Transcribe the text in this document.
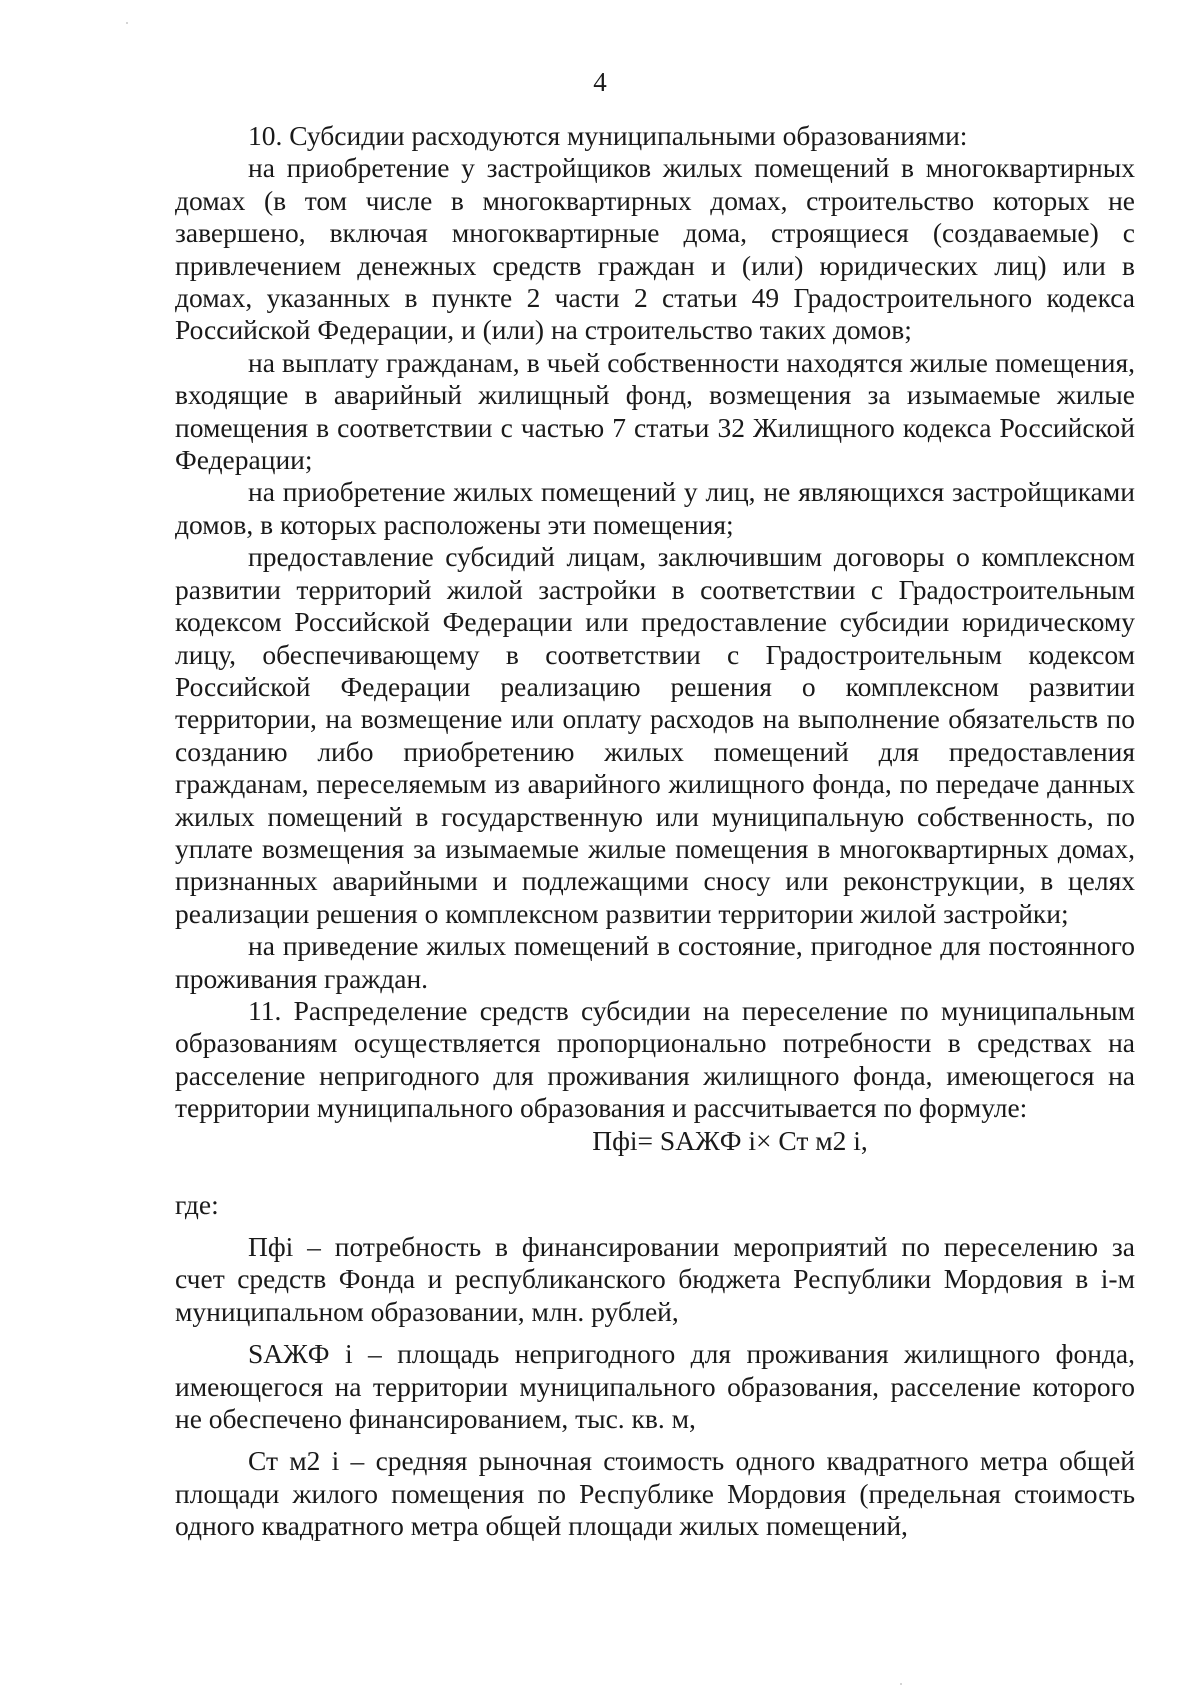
4

10. Субсидии расходуются муниципальными образованиями:

на приобретение у застройщиков жилых помещений в многоквартирных домах (в том числе в многоквартирных домах, строительство которых не завершено, включая многоквартирные дома, строящиеся (создаваемые) с привлечением денежных средств граждан и (или) юридических лиц) или в домах, указанных в пункте 2 части 2 статьи 49 Градостроительного кодекса Российской Федерации, и (или) на строительство таких домов;

на выплату гражданам, в чьей собственности находятся жилые помещения, входящие в аварийный жилищный фонд, возмещения за изымаемые жилые помещения в соответствии с частью 7 статьи 32 Жилищного кодекса Российской Федерации;

на приобретение жилых помещений у лиц, не являющихся застройщиками домов, в которых расположены эти помещения;

предоставление субсидий лицам, заключившим договоры о комплексном развитии территорий жилой застройки в соответствии с Градостроительным кодексом Российской Федерации или предоставление субсидии юридическому лицу, обеспечивающему в соответствии с Градостроительным кодексом Российской Федерации реализацию решения о комплексном развитии территории, на возмещение или оплату расходов на выполнение обязательств по созданию либо приобретению жилых помещений для предоставления гражданам, переселяемым из аварийного жилищного фонда, по передаче данных жилых помещений в государственную или муниципальную собственность, по уплате возмещения за изымаемые жилые помещения в многоквартирных домах, признанных аварийными и подлежащими сносу или реконструкции, в целях реализации решения о комплексном развитии территории жилой застройки;

на приведение жилых помещений в состояние, пригодное для постоянного проживания граждан.

11. Распределение средств субсидии на переселение по муниципальным образованиям осуществляется пропорционально потребности в средствах на расселение непригодного для проживания жилищного фонда, имеющегося на территории муниципального образования и рассчитывается по формуле:

Пфi= SАЖФ i× Ст м2 i,

где:

Пфi – потребность в финансировании мероприятий по переселению за счет средств Фонда и республиканского бюджета Республики Мордовия в i-м муниципальном образовании, млн. рублей,

SАЖФ i – площадь непригодного для проживания жилищного фонда, имеющегося на территории муниципального образования, расселение которого не обеспечено финансированием, тыс. кв. м,

Ст м2 i – средняя рыночная стоимость одного квадратного метра общей площади жилого помещения по Республике Мордовия (предельная стоимость одного квадратного метра общей площади жилых помещений,
